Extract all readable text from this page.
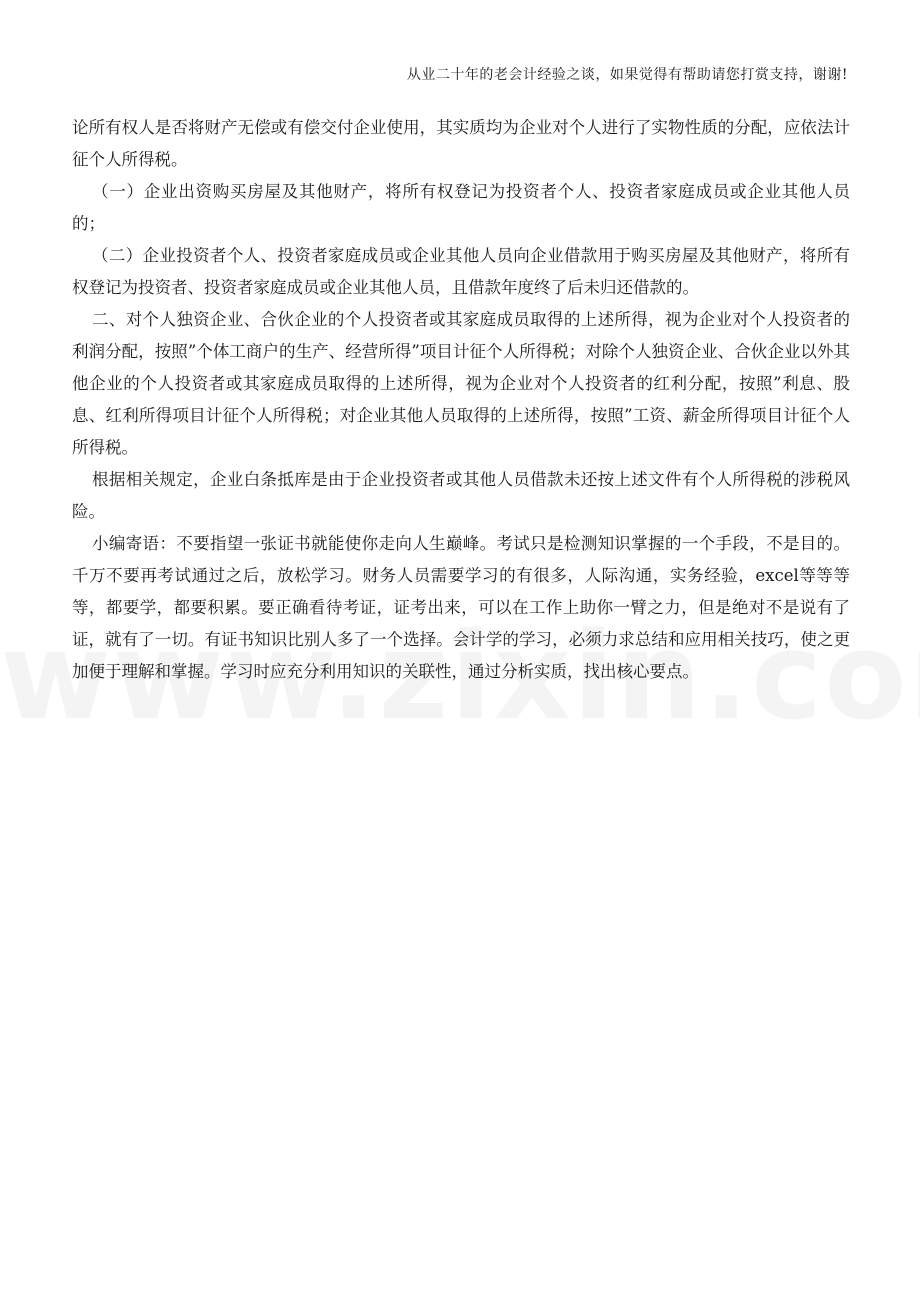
从业二十年的老会计经验之谈，如果觉得有帮助请您打赏支持，谢谢!

论所有权人是否将财产无偿或有偿交付企业使用，其实质均为企业对个人进行了实物性质的分配，应依法计征个人所得税。

（一）企业出资购买房屋及其他财产，将所有权登记为投资者个人、投资者家庭成员或企业其他人员的；

（二）企业投资者个人、投资者家庭成员或企业其他人员向企业借款用于购买房屋及其他财产，将所有权登记为投资者、投资者家庭成员或企业其他人员，且借款年度终了后未归还借款的。

二、对个人独资企业、合伙企业的个人投资者或其家庭成员取得的上述所得，视为企业对个人投资者的利润分配，按照”个体工商户的生产、经营所得”项目计征个人所得税；对除个人独资企业、合伙企业以外其他企业的个人投资者或其家庭成员取得的上述所得，视为企业对个人投资者的红利分配，按照”利息、股息、红利所得项目计征个人所得税；对企业其他人员取得的上述所得，按照”工资、薪金所得项目计征个人所得税。

根据相关规定，企业白条抵库是由于企业投资者或其他人员借款未还按上述文件有个人所得税的涉税风险。

小编寄语：不要指望一张证书就能使你走向人生巅峰。考试只是检测知识掌握的一个手段，不是目的。千万不要再考试通过之后，放松学习。财务人员需要学习的有很多，人际沟通，实务经验，excel等等等等，都要学，都要积累。要正确看待考证，证考出来，可以在工作上助你一臂之力，但是绝对不是说有了证，就有了一切。有证书知识比别人多了一个选择。会计学的学习，必须力求总结和应用相关技巧，使之更加便于理解和掌握。学习时应充分利用知识的关联性，通过分析实质，找出核心要点。
